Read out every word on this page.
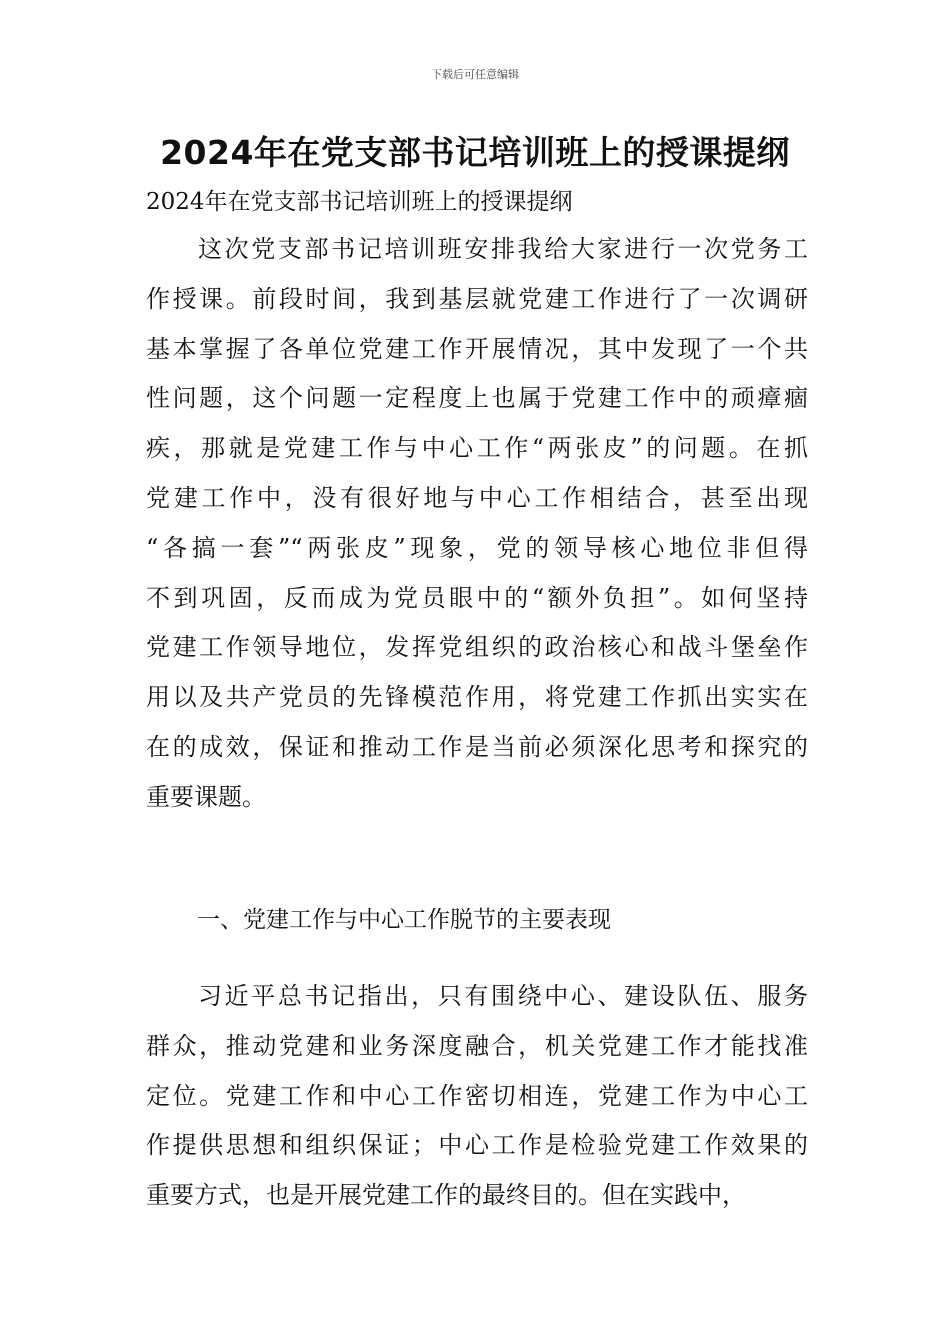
下载后可任意编辑
2024年在党支部书记培训班上的授课提纲
2024年在党支部书记培训班上的授课提纲
这次党支部书记培训班安排我给大家进行一次党务工
作授课。前段时间，我到基层就党建工作进行了一次调研
基本掌握了各单位党建工作开展情况，其中发现了一个共
性问题，这个问题一定程度上也属于党建工作中的顽瘴痼
疾，那就是党建工作与中心工作“两张皮”的问题。在抓
党建工作中，没有很好地与中心工作相结合，甚至出现
“各搞一套”“两张皮”现象，党的领导核心地位非但得
不到巩固，反而成为党员眼中的“额外负担”。如何坚持
党建工作领导地位，发挥党组织的政治核心和战斗堡垒作
用以及共产党员的先锋模范作用，将党建工作抓出实实在
在的成效，保证和推动工作是当前必须深化思考和探究的
重要课题。
一、党建工作与中心工作脱节的主要表现
习近平总书记指出，只有围绕中心、建设队伍、服务
群众，推动党建和业务深度融合，机关党建工作才能找准
定位。党建工作和中心工作密切相连，党建工作为中心工
作提供思想和组织保证；中心工作是检验党建工作效果的
重要方式，也是开展党建工作的最终目的。但在实践中，
